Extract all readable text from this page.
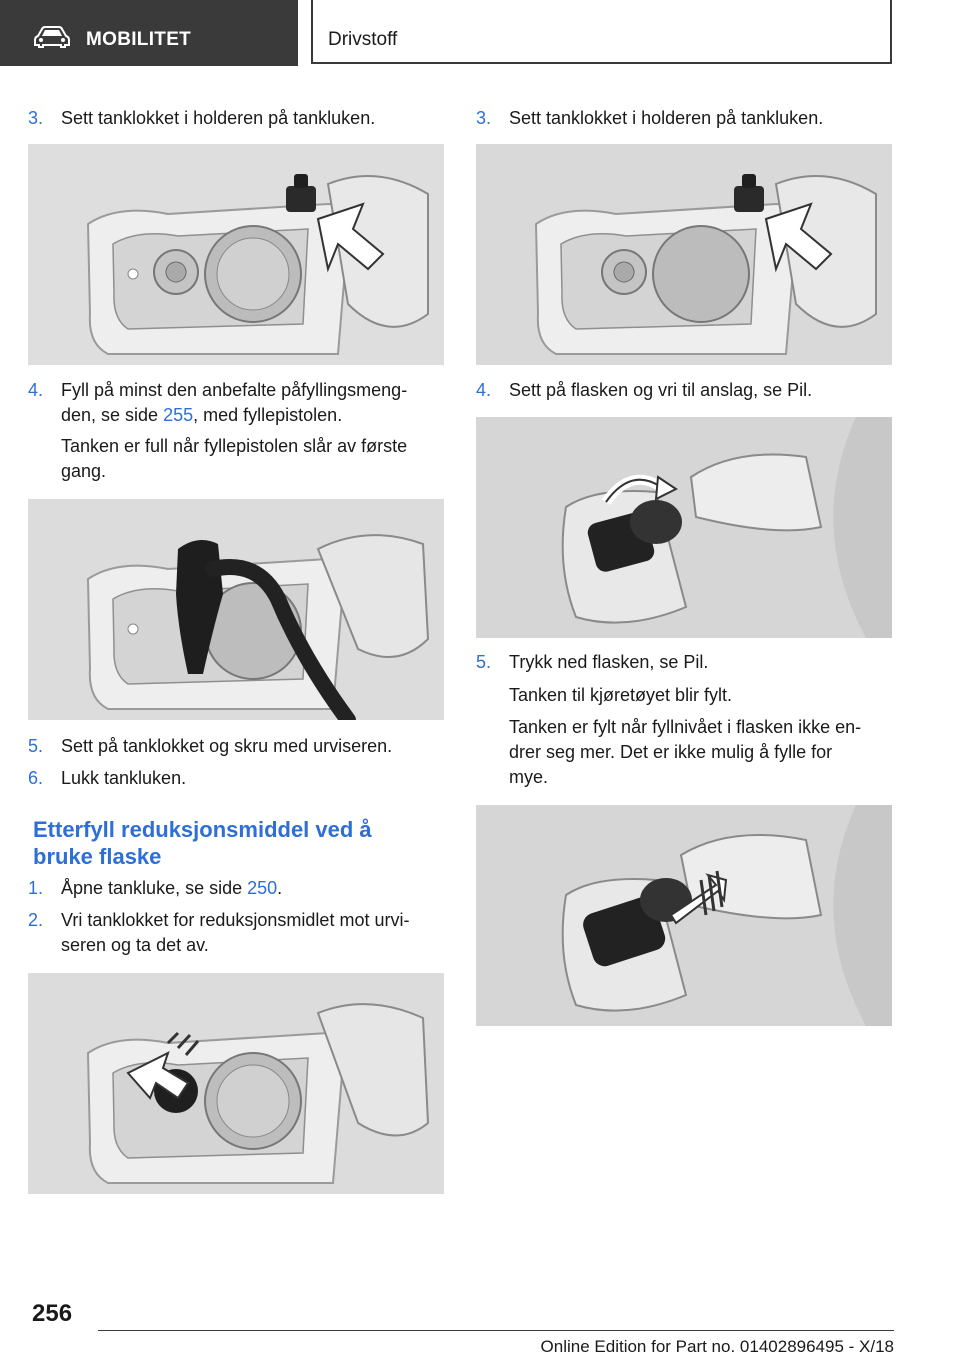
MOBILITET	Drivstoff
3. Sett tanklokket i holderen på tankluken.
4. Fyll på minst den anbefalte påfyllingsmeng-
den, se side 255, med fyllepistolen.
Tanken er full når fyllepistolen slår av første
gang.
5. Sett på tanklokket og skru med urviseren.
6. Lukk tankluken.
Etterfyll reduksjonsmiddel ved å
bruke flaske
1. Åpne tankluke, se side 250.
2. Vri tanklokket for reduksjonsmidlet mot urvi-
seren og ta det av.
3. Sett tanklokket i holderen på tankluken.
4. Sett på flasken og vri til anslag, se Pil.
5. Trykk ned flasken, se Pil.
Tanken til kjøretøyet blir fylt.
Tanken er fylt når fyllnivået i flasken ikke en-
drer seg mer. Det er ikke mulig å fylle for
mye.
256
Online Edition for Part no. 01402896495 - X/18
